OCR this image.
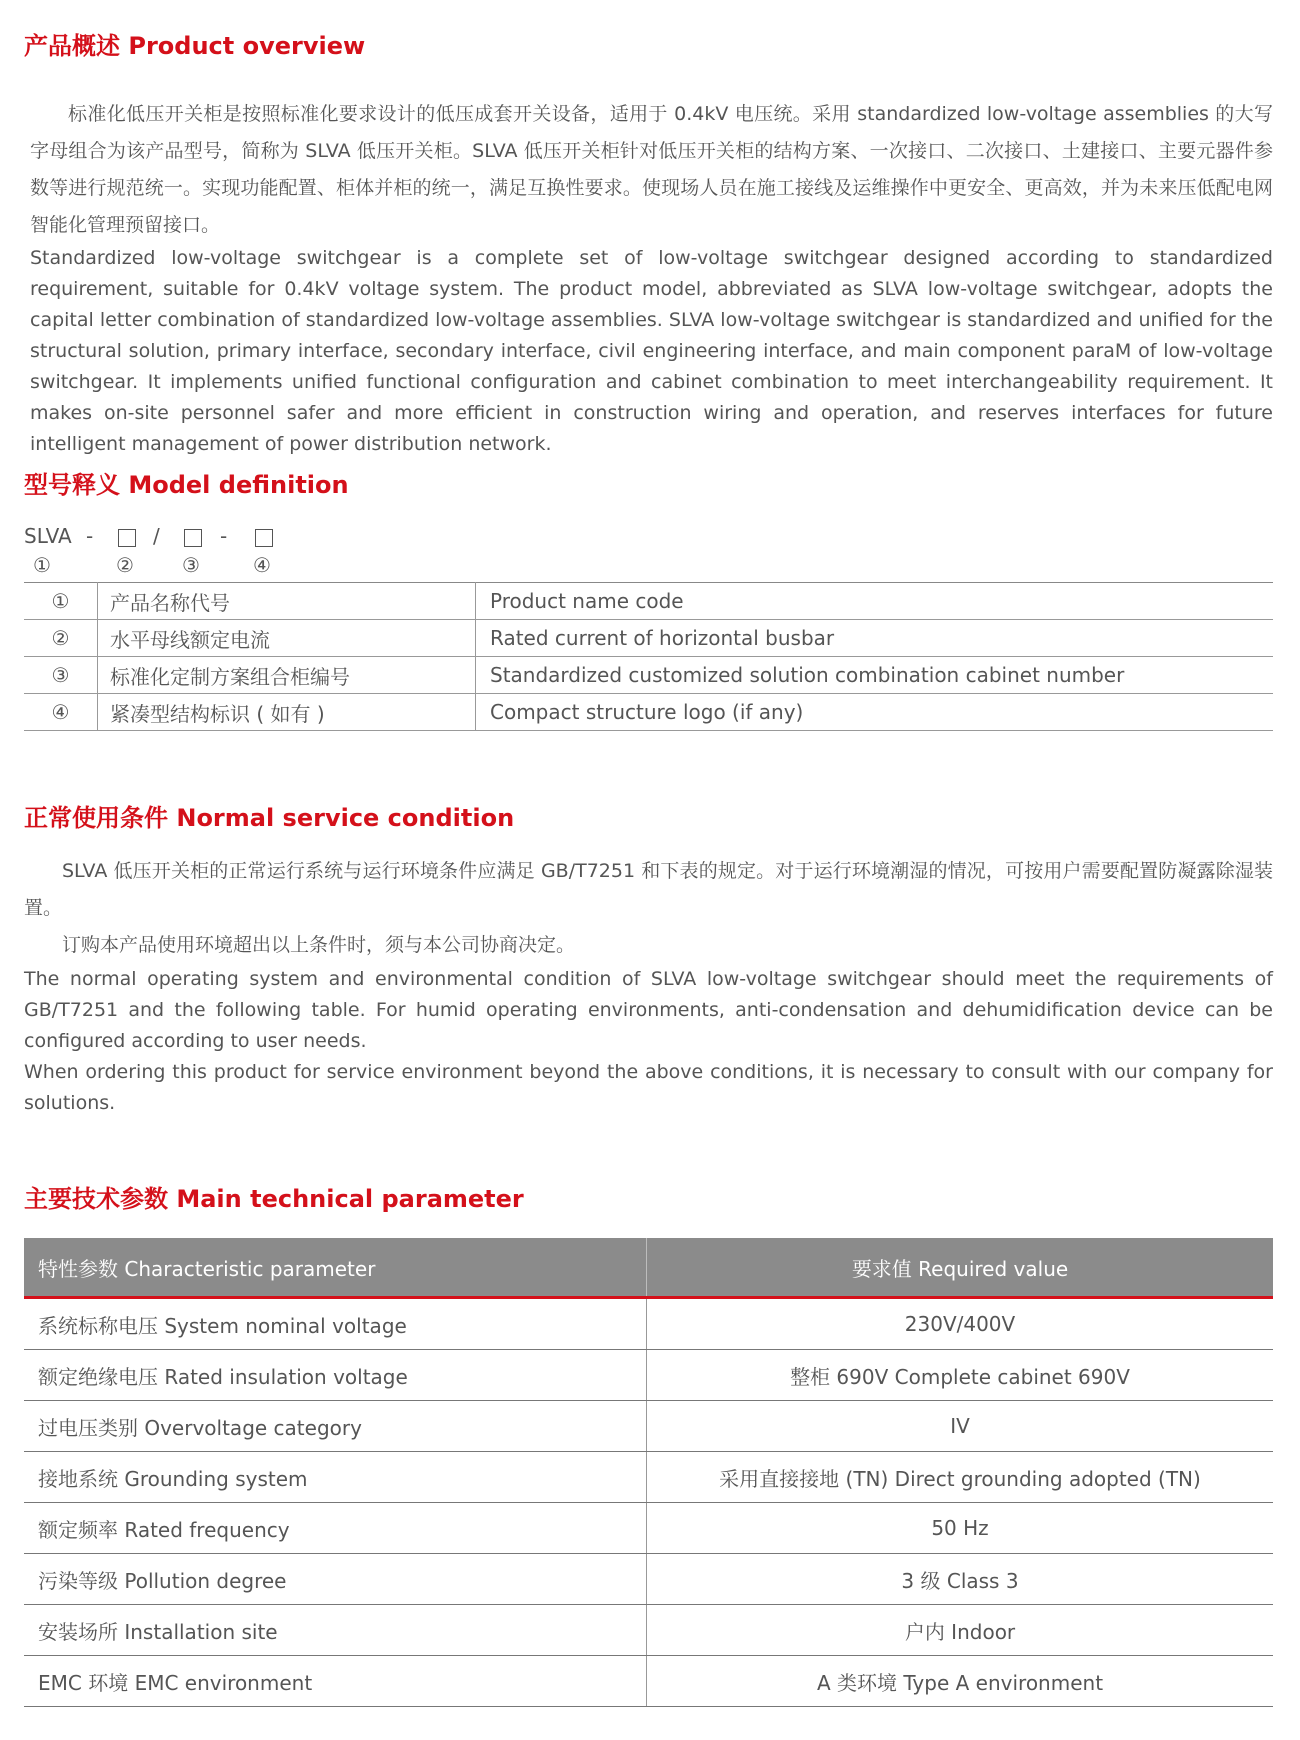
产品概述 Product overview

标准化低压开关柜是按照标准化要求设计的低压成套开关设备，适用于 0.4kV 电压统。采用 standardized low-voltage assemblies 的大写字母组合为该产品型号，简称为 SLVA 低压开关柜。SLVA 低压开关柜针对低压开关柜的结构方案、一次接口、二次接口、土建接口、主要元器件参数等进行规范统一。实现功能配置、柜体并柜的统一，满足互换性要求。使现场人员在施工接线及运维操作中更安全、更高效，并为未来压低配电网智能化管理预留接口。

Standardized low-voltage switchgear is a complete set of low-voltage switchgear designed according to standardized requirement, suitable for 0.4kV voltage system. The product model, abbreviated as SLVA low-voltage switchgear, adopts the capital letter combination of standardized low-voltage assemblies. SLVA low-voltage switchgear is standardized and unified for the structural solution, primary interface, secondary interface, civil engineering interface, and main component paraM of low-voltage switchgear. It implements unified functional configuration and cabinet combination to meet interchangeability requirement. It makes on-site personnel safer and more efficient in construction wiring and operation, and reserves interfaces for future intelligent management of power distribution network.

型号释义 Model definition
SLVA -	/	-
①	② ③	④
①	产品名称代号	Product name code
②	水平母线额定电流	Rated current of horizontal busbar
③	标准化定制方案组合柜编号	Standardized customized solution combination cabinet number
④	紧凑型结构标识 ( 如有 )	Compact structure logo (if any)
正常使用条件 Normal service condition

SLVA 低压开关柜的正常运行系统与运行环境条件应满足 GB/T7251 和下表的规定。对于运行环境潮湿的情况，可按用户需要配置防凝露除湿装置。

订购本产品使用环境超出以上条件时，须与本公司协商决定。

The normal operating system and environmental condition of SLVA low-voltage switchgear should meet the requirements of GB/T7251 and the following table. For humid operating environments, anti-condensation and dehumidification device can be configured according to user needs.

When ordering this product for service environment beyond the above conditions, it is necessary to consult with our company for solutions.

主要技术参数 Main technical parameter
特性参数 Characteristic parameter	要求值 Required value
系统标称电压 System nominal voltage	230V/400V
额定绝缘电压 Rated insulation voltage	整柜 690V Complete cabinet 690V
过电压类别 Overvoltage category	IV
接地系统 Grounding system	采用直接接地 (TN) Direct grounding adopted (TN)
额定频率 Rated frequency	50 Hz
污染等级 Pollution degree	3 级 Class 3
安装场所 Installation site	户内 Indoor
EMC 环境 EMC environment	A 类环境 Type A environment
